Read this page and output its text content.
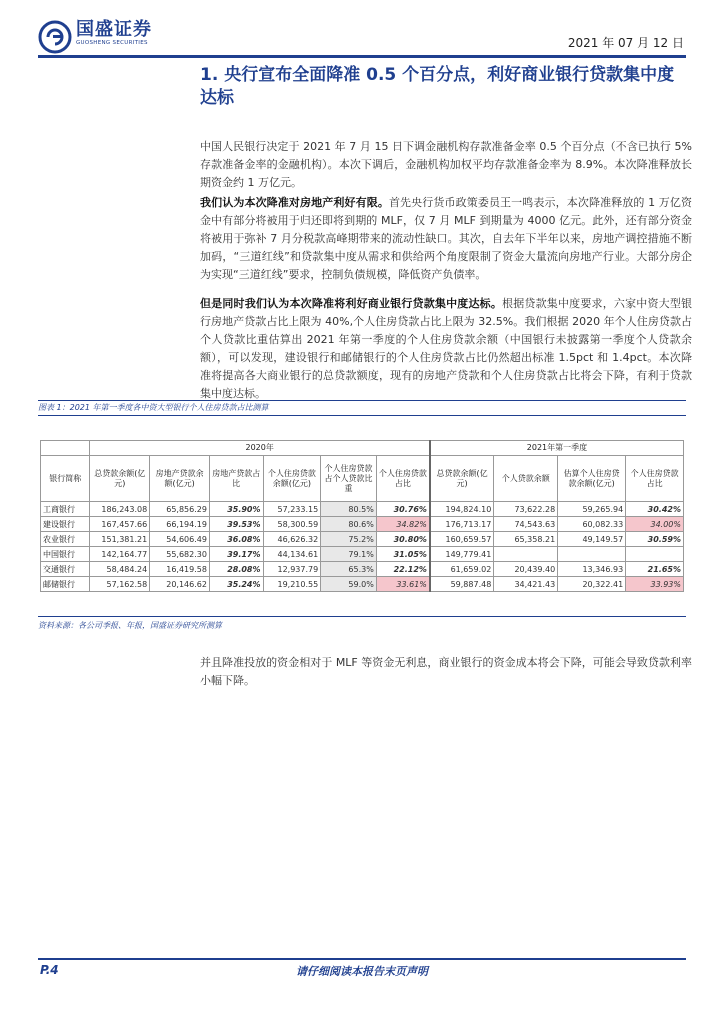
国盛证券
GUOSHENG SECURITIES	2021 年 07 月 12 日
1. 央行宣布全面降准 0.5 个百分点，利好商业银行贷款集中度达标
中国人民银行决定于 2021 年 7 月 15 日下调金融机构存款准备金率 0.5 个百分点（不含已执行 5%存款准备金率的金融机构）。本次下调后，金融机构加权平均存款准备金率为 8.9%。本次降准释放长期资金约 1 万亿元。
我们认为本次降准对房地产利好有限。首先央行货币政策委员王一鸣表示，本次降准释放的 1 万亿资金中有部分将被用于归还即将到期的 MLF，仅 7 月 MLF 到期量为 4000 亿元。此外，还有部分资金将被用于弥补 7 月分税款高峰期带来的流动性缺口。其次，自去年下半年以来，房地产调控措施不断加码，“三道红线”和贷款集中度从需求和供给两个角度限制了资金大量流向房地产行业。大部分房企为实现“三道红线”要求，控制负债规模，降低资产负债率。
但是同时我们认为本次降准将利好商业银行贷款集中度达标。根据贷款集中度要求，六家中资大型银行房地产贷款占比上限为 40%,个人住房贷款占比上限为 32.5%。我们根据 2020 年个人住房贷款占个人贷款比重估算出 2021 年第一季度的个人住房贷款余额（中国银行未披露第一季度个人贷款余额），可以发现，建设银行和邮储银行的个人住房贷款占比仍然超出标准 1.5pct 和 1.4pct。本次降准将提高各大商业银行的总贷款额度，现有的房地产贷款和个人住房贷款占比将会下降，有利于贷款集中度达标。
图表 1：2021 年第一季度各中资大型银行个人住房贷款占比测算
	2020年						2021年第一季度			
银行简称	总贷款余额(亿元)	房地产贷款余额(亿元)	房地产贷款占比	个人住房贷款余额(亿元)	个人住房贷款占个人贷款比重	个人住房贷款占比	总贷款余额(亿元)	个人贷款余额	估算个人住房贷款余额(亿元)	个人住房贷款占比
工商银行	186,243.08	65,856.29	35.90%	57,233.15	80.5%	30.76%	194,824.10	73,622.28	59,265.94	30.42%
建设银行	167,457.66	66,194.19	39.53%	58,300.59	80.6%	34.82%	176,713.17	74,543.63	60,082.33	34.00%
农业银行	151,381.21	54,606.49	36.08%	46,626.32	75.2%	30.80%	160,659.57	65,358.21	49,149.57	30.59%
中国银行	142,164.77	55,682.30	39.17%	44,134.61	79.1%	31.05%	149,779.41			
交通银行	58,484.24	16,419.58	28.08%	12,937.79	65.3%	22.12%	61,659.02	20,439.40	13,346.93	21.65%
邮储银行	57,162.58	20,146.62	35.24%	19,210.55	59.0%	33.61%	59,887.48	34,421.43	20,322.41	33.93%
资料来源：各公司季报、年报，国盛证券研究所测算
并且降准投放的资金相对于 MLF 等资金无利息，商业银行的资金成本将会下降，可能会导致贷款利率小幅下降。
P.4	请仔细阅读本报告末页声明
